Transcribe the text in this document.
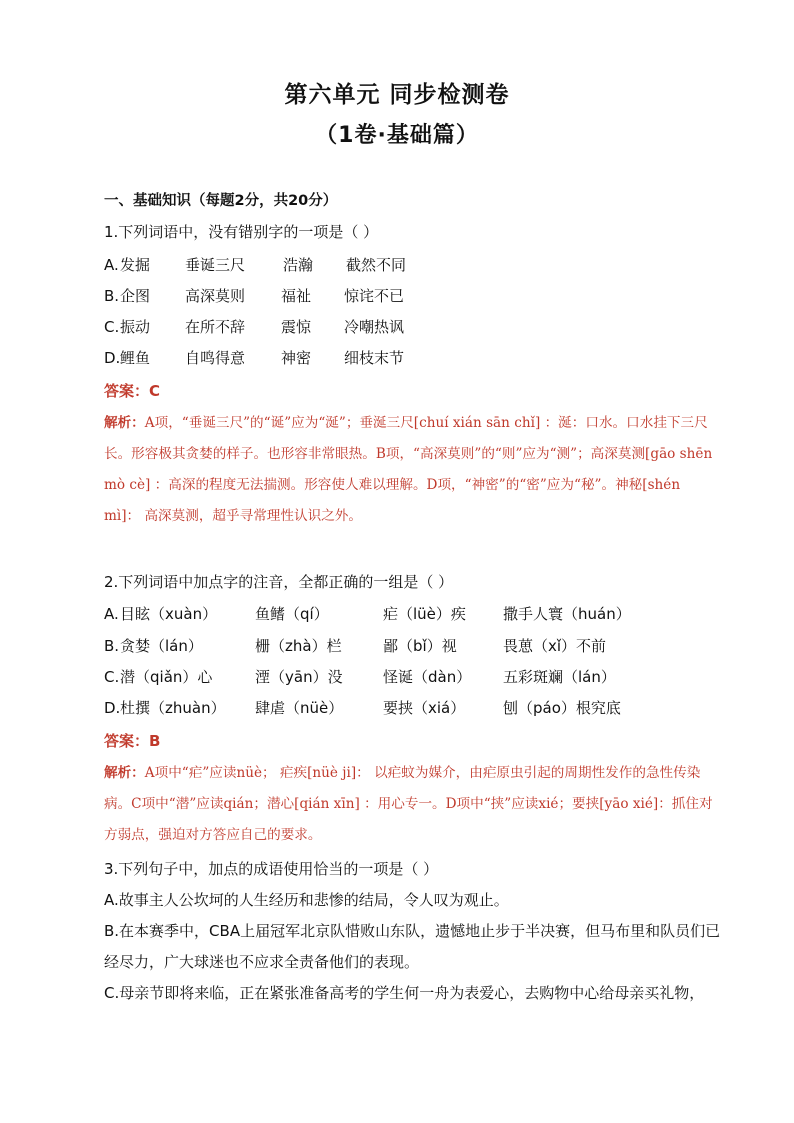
第六单元 同步检测卷
（1卷·基础篇）
一、基础知识（每题2分，共20分）
1.下列词语中，没有错别字的一项是（ ）
A. 发掘 垂诞三尺	浩瀚 截然不同
B. 企图 高深莫则 福祉 惊诧不已
C. 振动 在所不辞 震惊 冷嘲热讽
D. 鲤鱼 自鸣得意 神密 细枝末节
答案：C
解析：A项，“垂诞三尺”的“诞”应为“涎”；垂涎三尺[chuí xián sān chǐ] ：涎：口水。口水挂下三尺长。形容极其贪婪的样子。也形容非常眼热。B项，“高深莫则”的“则”应为“测”；高深莫测[gāo shēn mò cè] ：高深的程度无法揣测。形容使人难以理解。D项，“神密”的“密”应为“秘”。神秘[shén mì]： 高深莫测，超乎寻常理性认识之外。
2.下列词语中加点字的注音，全都正确的一组是（ ）
A. 目眩（xuàn）	鱼鳍（qí）	疟（lüè）疾 撒手人寰（huán）
B. 贪婪（lán）	栅（zhà）栏	鄙（bǐ）视	畏葸（xǐ）不前
C. 潜（qiǎn）心	湮（yān）没	怪诞（dàn） 五彩斑斓（lán）
D. 杜撰（zhuàn） 肆虐（nüè）	要挟（xiá）	刨（páo）根究底
答案：B
解析：A项中“疟”应读nüè； 疟疾[nüè ji]： 以疟蚊为媒介，由疟原虫引起的周期性发作的急性传染病。C项中“潜”应读qián；潜心[qián xīn] ：用心专一。D项中“挟”应读xié；要挟[yāo xié]：抓住对方弱点，强迫对方答应自己的要求。
3.下列句子中，加点的成语使用恰当的一项是（ ）
A.故事主人公坎坷的人生经历和悲惨的结局，令人叹为观止。
B.在本赛季中，CBA上届冠军北京队惜败山东队，遗憾地止步于半决赛，但马布里和队员们已经尽力，广大球迷也不应求全责备他们的表现。
C.母亲节即将来临，正在紧张准备高考的学生何一舟为表爱心，去购物中心给母亲买礼物，
